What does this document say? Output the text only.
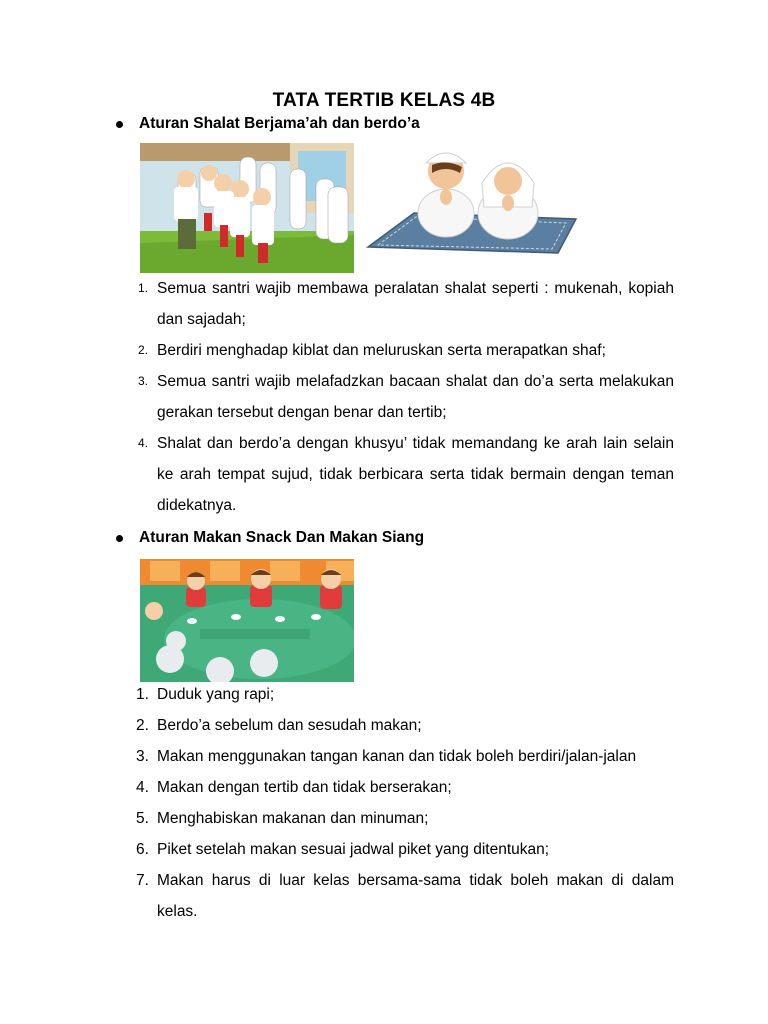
TATA TERTIB KELAS 4B
Aturan Shalat Berjama’ah dan berdo’a
1. Semua santri wajib membawa peralatan shalat seperti : mukenah, kopiah dan sajadah;
2. Berdiri menghadap kiblat dan meluruskan serta merapatkan shaf;
3. Semua santri wajib melafadzkan bacaan shalat dan do’a serta melakukan gerakan tersebut dengan benar dan tertib;
4. Shalat dan berdo’a dengan khusyu’ tidak memandang ke arah lain selain ke arah tempat sujud, tidak berbicara serta tidak bermain dengan teman didekatnya.
Aturan Makan Snack Dan Makan Siang
1. Duduk yang rapi;
2. Berdo’a sebelum dan sesudah makan;
3. Makan menggunakan tangan kanan dan tidak boleh berdiri/jalan-jalan
4. Makan dengan tertib dan tidak berserakan;
5. Menghabiskan makanan dan minuman;
6. Piket setelah makan sesuai jadwal piket yang ditentukan;
7. Makan harus di luar kelas bersama-sama tidak boleh makan di dalam kelas.
